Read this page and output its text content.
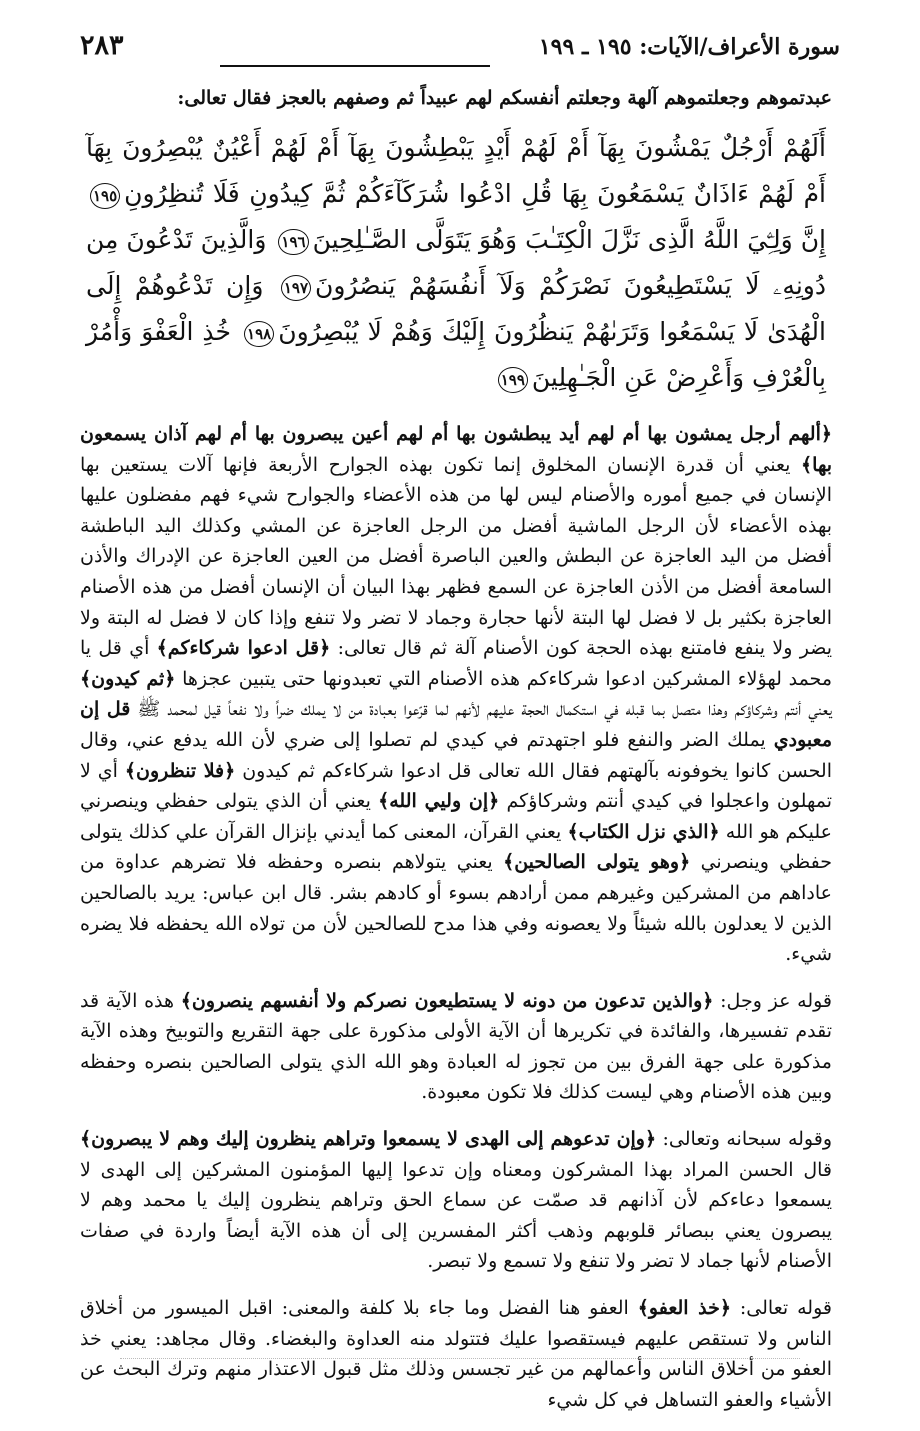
سورة الأعراف/الآيات: ١٩٥ ـ ١٩٩
٢٨٣

عبدتموهم وجعلتموهم آلهة وجعلتم أنفسكم لهم عبيداً ثم وصفهم بالعجز فقال تعالى:

أَلَهُمْ أَرْجُلٌ يَمْشُونَ بِهَآ أَمْ لَهُمْ أَيْدٍ يَبْطِشُونَ بِهَآ أَمْ لَهُمْ أَعْيُنٌ يُبْصِرُونَ بِهَآ أَمْ لَهُمْ ءَاذَانٌ يَسْمَعُونَ بِهَا قُلِ ادْعُوا شُرَكَآءَكُمْ ثُمَّ كِيدُونِ فَلَا تُنظِرُونِ١٩٥ إِنَّ وَلِـِّۧيَ اللَّهُ الَّذِى نَزَّلَ الْكِتَـٰبَ وَهُوَ يَتَوَلَّى الصَّـٰلِحِينَ١٩٦ وَالَّذِينَ تَدْعُونَ مِن دُونِهِۦ لَا يَسْتَطِيعُونَ نَصْرَكُمْ وَلَآ أَنفُسَهُمْ يَنصُرُونَ١٩٧ وَإِن تَدْعُوهُمْ إِلَى الْهُدَىٰ لَا يَسْمَعُوا وَتَرَىٰهُمْ يَنظُرُونَ إِلَيْكَ وَهُمْ لَا يُبْصِرُونَ١٩٨ خُذِ الْعَفْوَ وَأْمُرْ بِالْعُرْفِ وَأَعْرِضْ عَنِ الْجَـٰهِلِينَ١٩٩

﴿ألهم أرجل يمشون بها أم لهم أيد يبطشون بها أم لهم أعين يبصرون بها أم لهم آذان يسمعون بها﴾ يعني أن قدرة الإنسان المخلوق إنما تكون بهذه الجوارح الأربعة فإنها آلات يستعين بها الإنسان في جميع أموره والأصنام ليس لها من هذه الأعضاء والجوارح شيء فهم مفضلون عليها بهذه الأعضاء لأن الرجل الماشية أفضل من الرجل العاجزة عن المشي وكذلك اليد الباطشة أفضل من اليد العاجزة عن البطش والعين الباصرة أفضل من العين العاجزة عن الإدراك والأذن السامعة أفضل من الأذن العاجزة عن السمع فظهر بهذا البيان أن الإنسان أفضل من هذه الأصنام العاجزة بكثير بل لا فضل لها البتة لأنها حجارة وجماد لا تضر ولا تنفع وإذا كان لا فضل له البتة ولا يضر ولا ينفع فامتنع بهذه الحجة كون الأصنام آلة ثم قال تعالى: ﴿قل ادعوا شركاءكم﴾ أي قل يا محمد لهؤلاء المشركين ادعوا شركاءكم هذه الأصنام التي تعبدونها حتى يتبين عجزها ﴿ثم كيدون﴾ يعني أنتم وشركاؤكم وهذا متصل بما قبله في استكمال الحجة عليهم لأنهم لما قرّعوا بعبادة من لا يملك ضراً ولا نفعاً قيل لمحمد ﷺ قل إن معبودي يملك الضر والنفع فلو اجتهدتم في كيدي لم تصلوا إلى ضري لأن الله يدفع عني، وقال الحسن كانوا يخوفونه بآلهتهم فقال الله تعالى قل ادعوا شركاءكم ثم كيدون ﴿فلا تنظرون﴾ أي لا تمهلون واعجلوا في كيدي أنتم وشركاؤكم ﴿إن وليي الله﴾ يعني أن الذي يتولى حفظي وينصرني عليكم هو الله ﴿الذي نزل الكتاب﴾ يعني القرآن، المعنى كما أيدني بإنزال القرآن علي كذلك يتولى حفظي وينصرني ﴿وهو يتولى الصالحين﴾ يعني يتولاهم بنصره وحفظه فلا تضرهم عداوة من عاداهم من المشركين وغيرهم ممن أرادهم بسوء أو كادهم بشر. قال ابن عباس: يريد بالصالحين الذين لا يعدلون بالله شيئاً ولا يعصونه وفي هذا مدح للصالحين لأن من تولاه الله يحفظه فلا يضره شيء.

قوله عز وجل: ﴿والذين تدعون من دونه لا يستطيعون نصركم ولا أنفسهم ينصرون﴾ هذه الآية قد تقدم تفسيرها، والفائدة في تكريرها أن الآية الأولى مذكورة على جهة التقريع والتوبيخ وهذه الآية مذكورة على جهة الفرق بين من تجوز له العبادة وهو الله الذي يتولى الصالحين بنصره وحفظه وبين هذه الأصنام وهي ليست كذلك فلا تكون معبودة.

وقوله سبحانه وتعالى: ﴿وإن تدعوهم إلى الهدى لا يسمعوا وتراهم ينظرون إليك وهم لا يبصرون﴾ قال الحسن المراد بهذا المشركون ومعناه وإن تدعوا إليها المؤمنون المشركين إلى الهدى لا يسمعوا دعاءكم لأن آذانهم قد صمّت عن سماع الحق وتراهم ينظرون إليك يا محمد وهم لا يبصرون يعني ببصائر قلوبهم وذهب أكثر المفسرين إلى أن هذه الآية أيضاً واردة في صفات الأصنام لأنها جماد لا تضر ولا تنفع ولا تسمع ولا تبصر.

قوله تعالى: ﴿خذ العفو﴾ العفو هنا الفضل وما جاء بلا كلفة والمعنى: اقبل الميسور من أخلاق الناس ولا تستقص عليهم فيستقصوا عليك فتتولد منه العداوة والبغضاء. وقال مجاهد: يعني خذ العفو من أخلاق الناس وأعمالهم من غير تجسس وذلك مثل قبول الاعتذار منهم وترك البحث عن الأشياء والعفو التساهل في كل شيء
